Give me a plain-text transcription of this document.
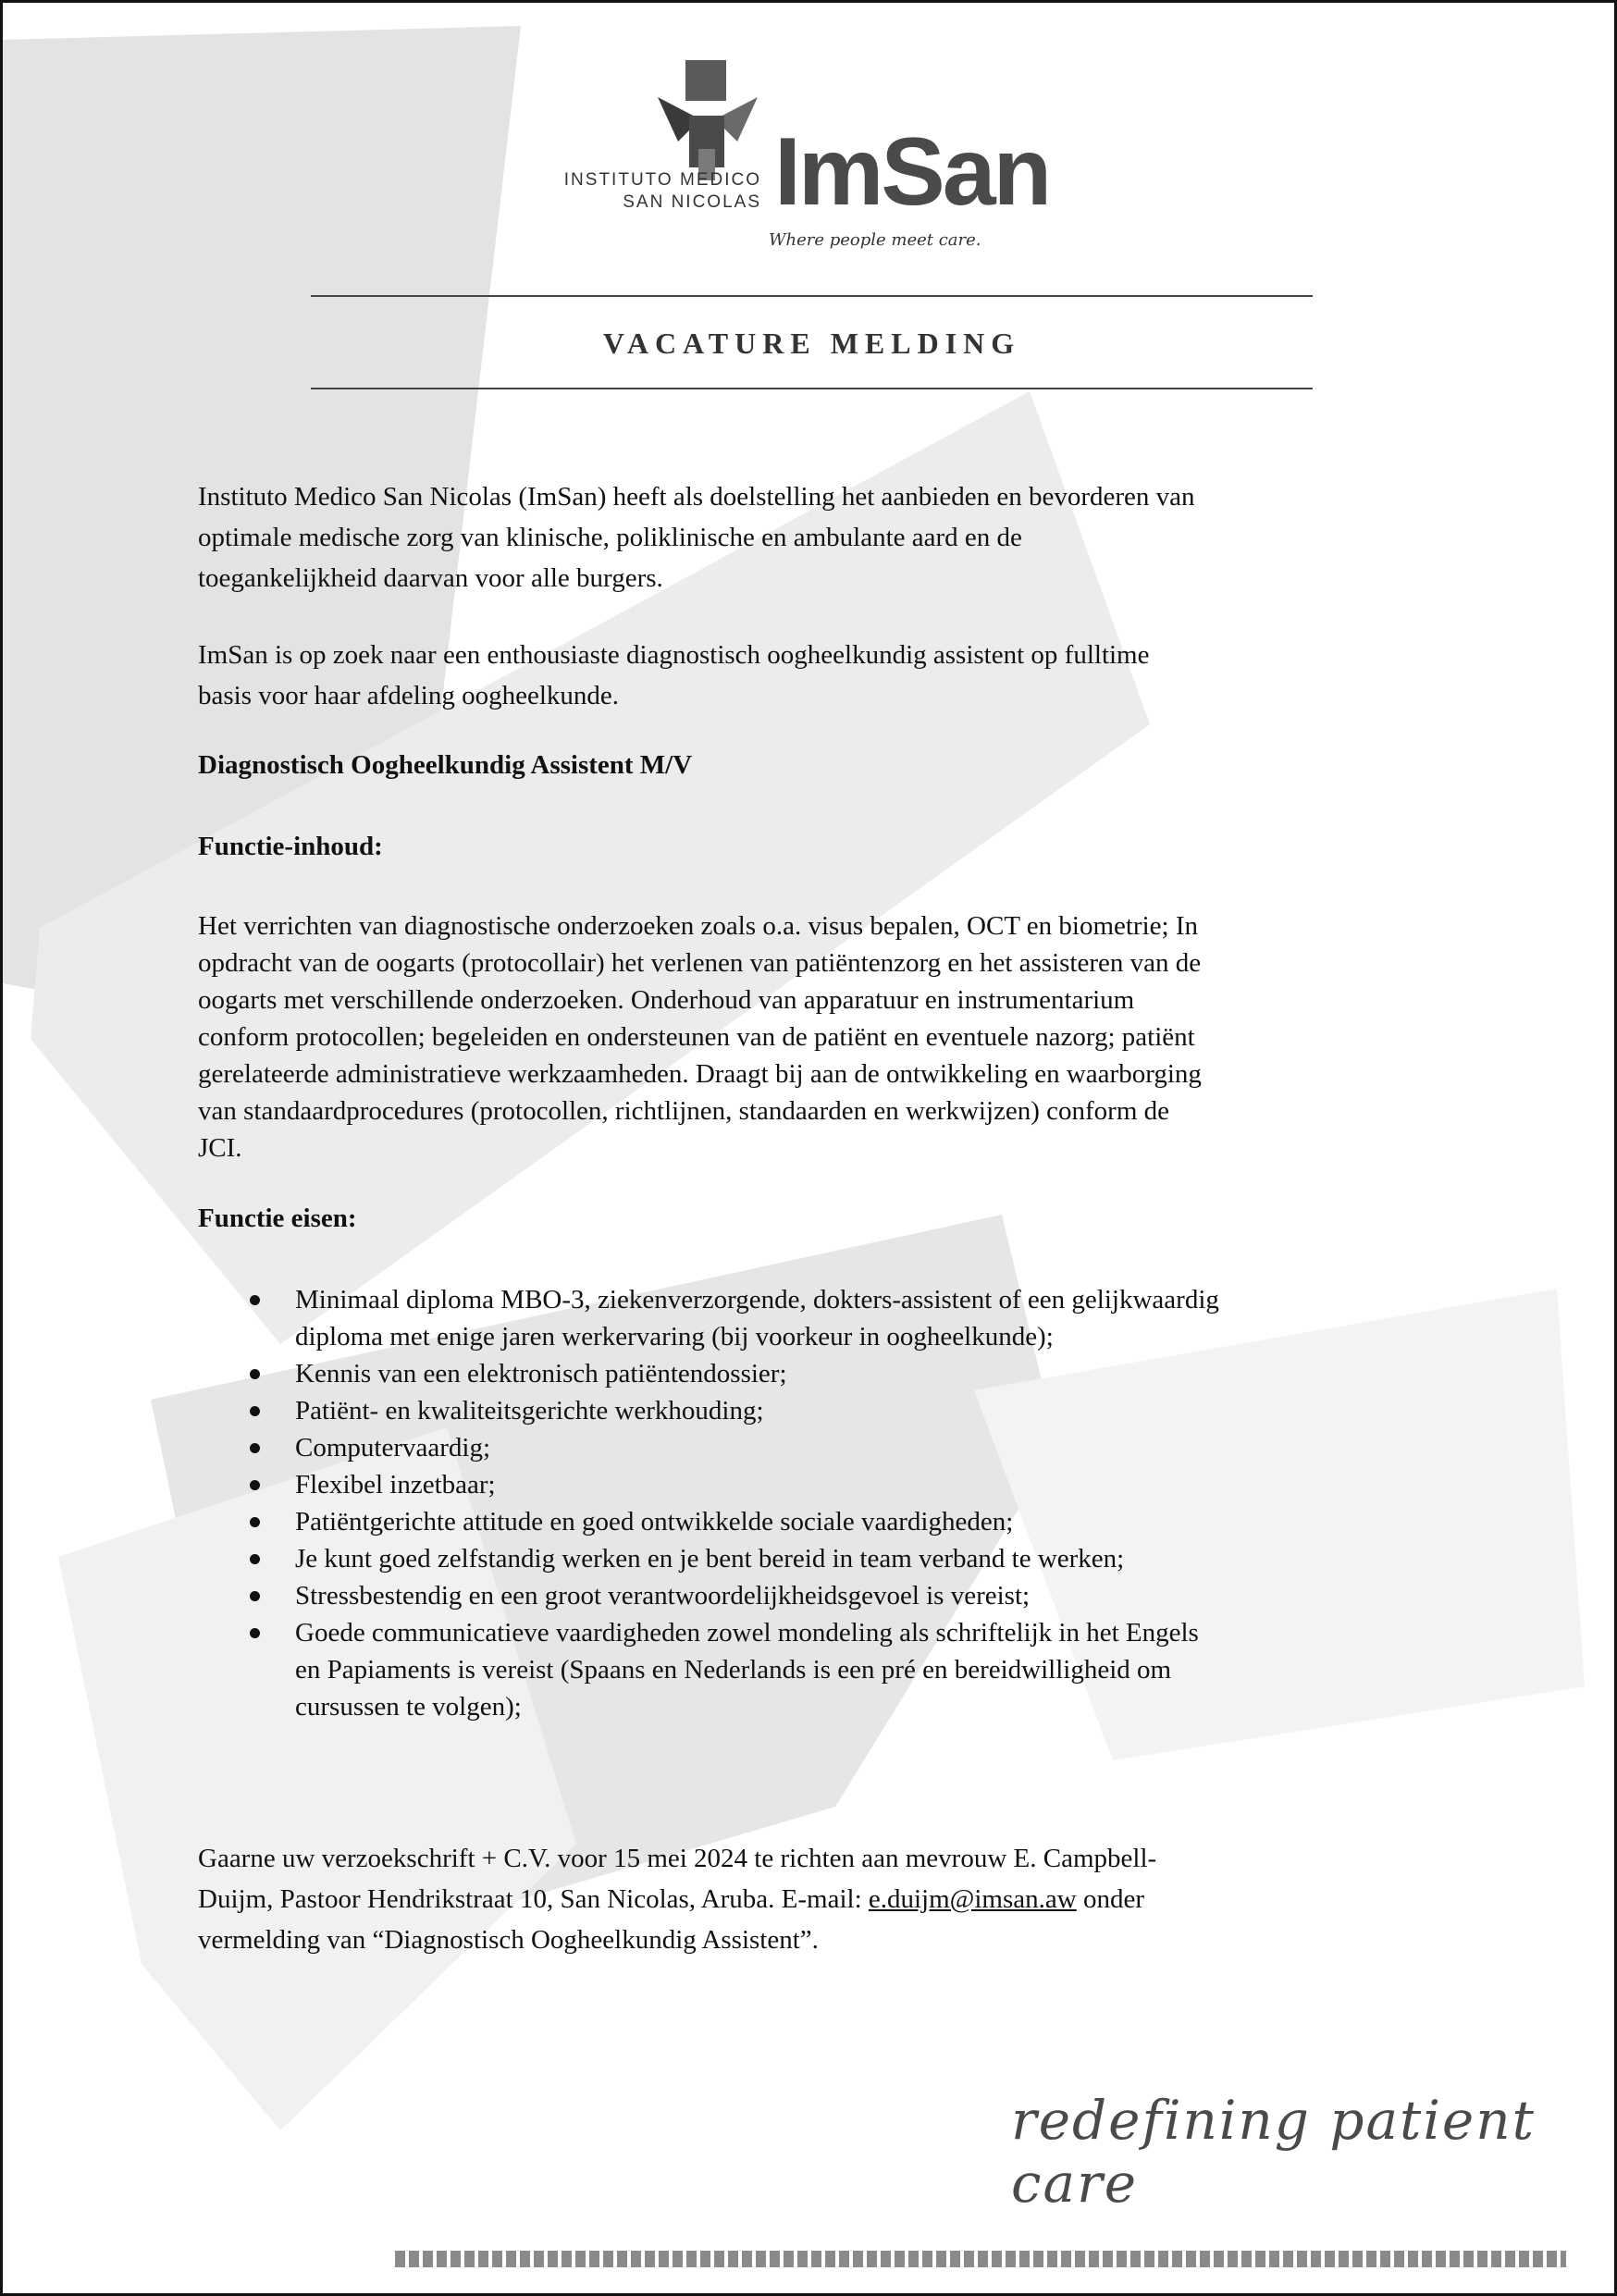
INSTITUTO MEDICO
SAN NICOLAS ImSan
Where people meet care.
VACATURE MELDING
Instituto Medico San Nicolas (ImSan) heeft als doelstelling het aanbieden en bevorderen van
optimale medische zorg van klinische, poliklinische en ambulante aard en de
toegankelijkheid daarvan voor alle burgers.
ImSan is op zoek naar een enthousiaste diagnostisch oogheelkundig assistent op fulltime
basis voor haar afdeling oogheelkunde.
Diagnostisch Oogheelkundig Assistent M/V
Functie-inhoud:
Het verrichten van diagnostische onderzoeken zoals o.a. visus bepalen, OCT en biometrie; In
opdracht van de oogarts (protocollair) het verlenen van patiëntenzorg en het assisteren van de
oogarts met verschillende onderzoeken. Onderhoud van apparatuur en instrumentarium
conform protocollen; begeleiden en ondersteunen van de patiënt en eventuele nazorg; patiënt
gerelateerde administratieve werkzaamheden. Draagt bij aan de ontwikkeling en waarborging
van standaardprocedures (protocollen, richtlijnen, standaarden en werkwijzen) conform de
JCI.
Functie eisen:
Minimaal diploma MBO-3, ziekenverzorgende, dokters-assistent of een gelijkwaardig
diploma met enige jaren werkervaring (bij voorkeur in oogheelkunde);
Kennis van een elektronisch patiëntendossier;
Patiënt- en kwaliteitsgerichte werkhouding;
Computervaardig;
Flexibel inzetbaar;
Patiëntgerichte attitude en goed ontwikkelde sociale vaardigheden;
Je kunt goed zelfstandig werken en je bent bereid in team verband te werken;
Stressbestendig en een groot verantwoordelijkheidsgevoel is vereist;
Goede communicatieve vaardigheden zowel mondeling als schriftelijk in het Engels
en Papiaments is vereist (Spaans en Nederlands is een pré en bereidwilligheid om
cursussen te volgen);
Gaarne uw verzoekschrift + C.V. voor 15 mei 2024 te richten aan mevrouw E. Campbell-
Duijm, Pastoor Hendrikstraat 10, San Nicolas, Aruba. E-mail: e.duijm@imsan.aw onder
vermelding van “Diagnostisch Oogheelkundig Assistent”.
redefining patient care
